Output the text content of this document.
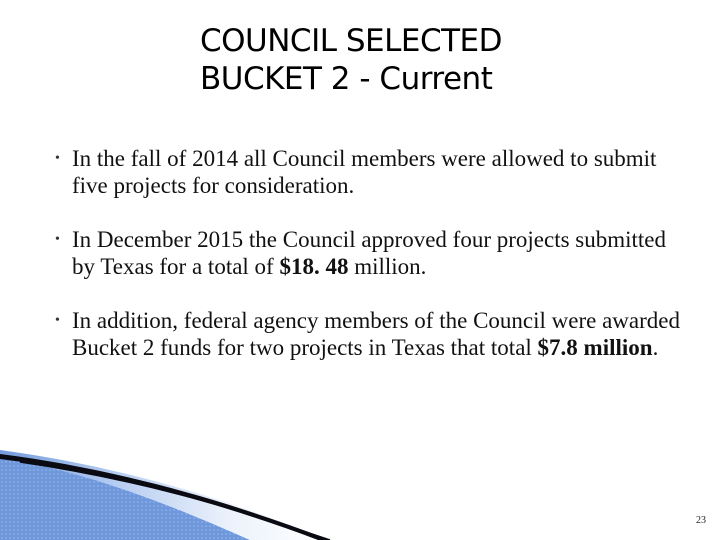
COUNCIL SELECTED
BUCKET 2 - Current
• In the fall of 2014 all Council members were allowed to submit five projects for consideration.
• In December 2015 the Council approved four projects submitted by Texas for a total of $18. 48 million.
• In addition, federal agency members of the Council were awarded Bucket 2 funds for two projects in Texas that total $7.8 million.
23
